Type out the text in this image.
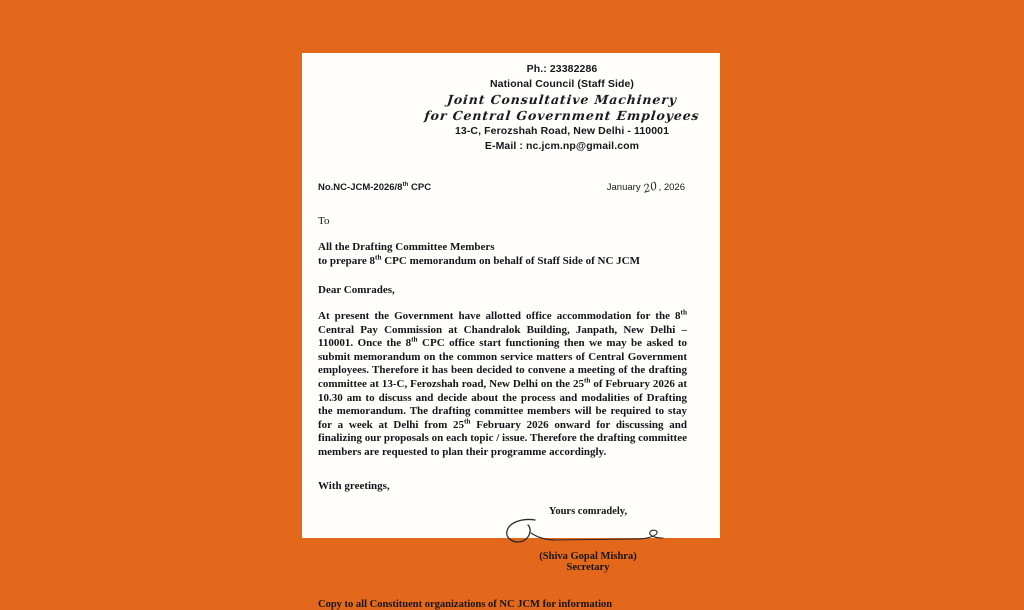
Ph.: 23382286
National Council (Staff Side)
Joint Consultative Machinery
for Central Government Employees
13-C, Ferozshah Road, New Delhi - 110001
E-Mail : nc.jcm.np@gmail.com
No.NC-JCM-2026/8th CPC	January20, 2026
To
All the Drafting Committee Members
to prepare 8th CPC memorandum on behalf of Staff Side of NC JCM
Dear Comrades,
At present the Government have allotted office accommodation for the 8th Central Pay Commission at Chandralok Building, Janpath, New Delhi – 110001. Once the 8th CPC office start functioning then we may be asked to submit memorandum on the common service matters of Central Government employees. Therefore it has been decided to convene a meeting of the drafting committee at 13-C, Ferozshah road, New Delhi on the 25th of February 2026 at 10.30 am to discuss and decide about the process and modalities of Drafting the memorandum. The drafting committee members will be required to stay for a week at Delhi from 25th February 2026 onward for discussing and finalizing our proposals on each topic / issue. Therefore the drafting committee members are requested to plan their programme accordingly.
With greetings,
Yours comradely,
(Shiva Gopal Mishra)
Secretary
Copy to all Constituent organizations of NC JCM for information
